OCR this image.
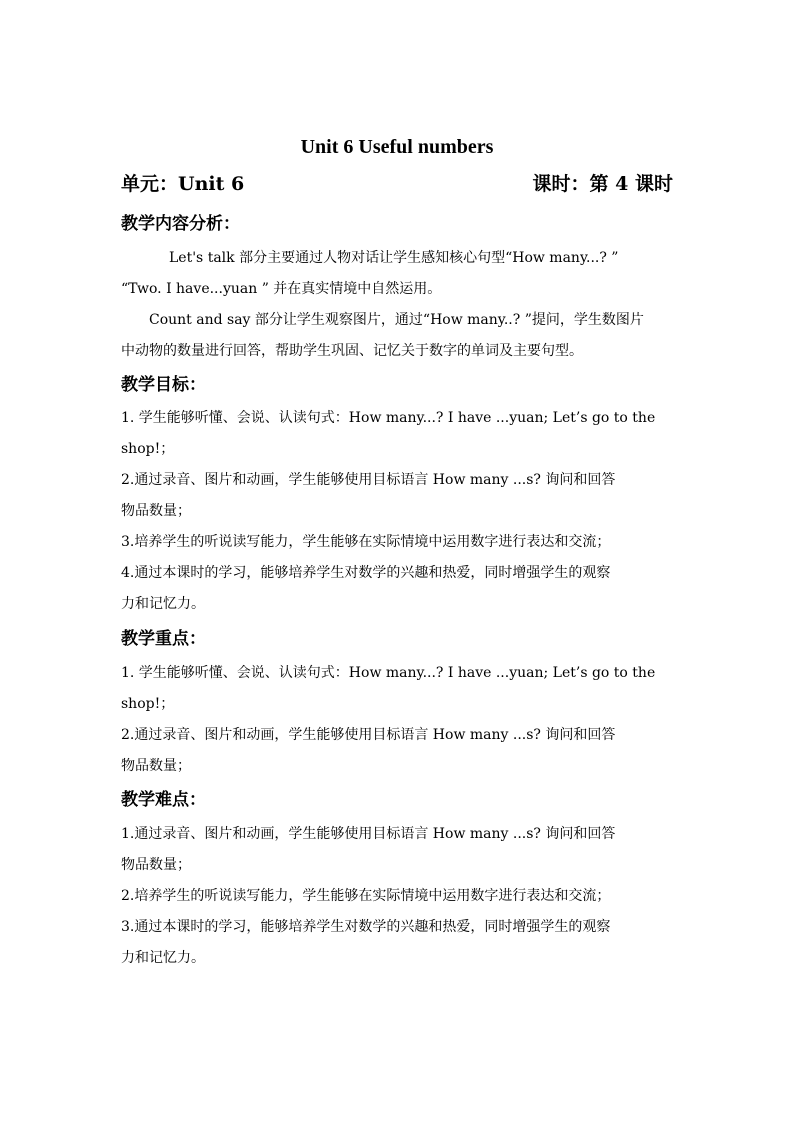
Unit 6 Useful numbers
单元：Unit 6	课时：第 4 课时
教学内容分析：
Let's talk 部分主要通过人物对话让学生感知核心句型“How many...? ”
“Two. I have...yuan ” 并在真实情境中自然运用。
Count and say 部分让学生观察图片，通过“How many..? ”提问，学生数图片
中动物的数量进行回答，帮助学生巩固、记忆关于数字的单词及主要句型。
教学目标：
1. 学生能够听懂、会说、认读句式：How many...? I have ...yuan; Let’s go to the
shop!；
2.通过录音、图片和动画，学生能够使用目标语言 How many ...s? 询问和回答
物品数量；
3.培养学生的听说读写能力，学生能够在实际情境中运用数字进行表达和交流；
4.通过本课时的学习，能够培养学生对数学的兴趣和热爱，同时增强学生的观察
力和记忆力。
教学重点：
1. 学生能够听懂、会说、认读句式：How many...? I have ...yuan; Let’s go to the
shop!；
2.通过录音、图片和动画，学生能够使用目标语言 How many ...s? 询问和回答
物品数量；
教学难点：
1.通过录音、图片和动画，学生能够使用目标语言 How many ...s? 询问和回答
物品数量；
2.培养学生的听说读写能力，学生能够在实际情境中运用数字进行表达和交流；
3.通过本课时的学习，能够培养学生对数学的兴趣和热爱，同时增强学生的观察
力和记忆力。
